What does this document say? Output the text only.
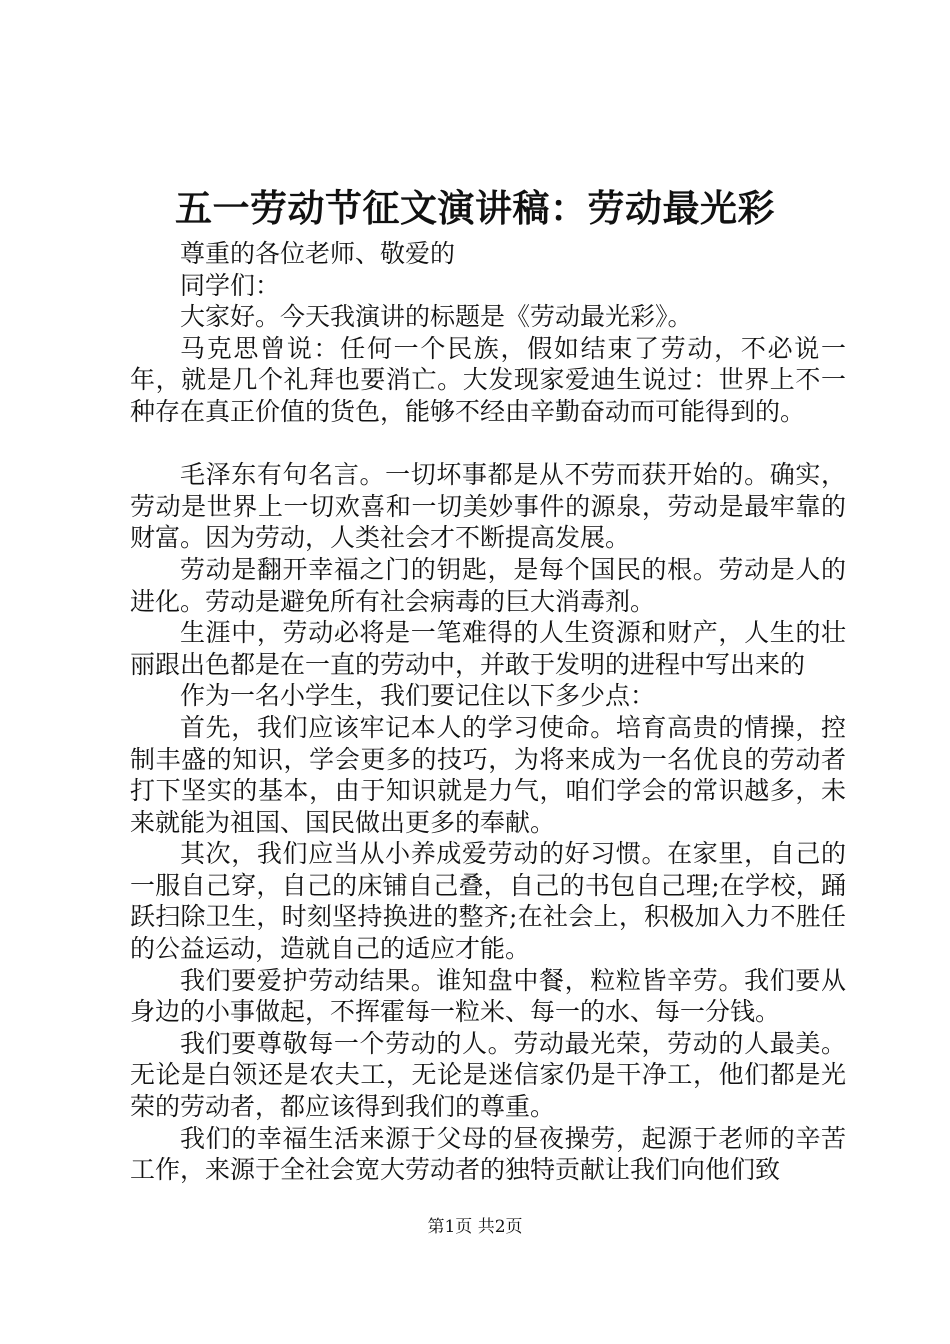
五一劳动节征文演讲稿：劳动最光彩

尊重的各位老师、敬爱的

同学们：

大家好。今天我演讲的标题是《劳动最光彩》。

马克思曾说：任何一个民族，假如结束了劳动，不必说一年，就是几个礼拜也要消亡。大发现家爱迪生说过：世界上不一种存在真正价值的货色，能够不经由辛勤奋动而可能得到的。

毛泽东有句名言。一切坏事都是从不劳而获开始的。确实，劳动是世界上一切欢喜和一切美妙事件的源泉，劳动是最牢靠的财富。因为劳动，人类社会才不断提高发展。

劳动是翻开幸福之门的钥匙，是每个国民的根。劳动是人的进化。劳动是避免所有社会病毒的巨大消毒剂。

生涯中，劳动必将是一笔难得的人生资源和财产，人生的壮丽跟出色都是在一直的劳动中，并敢于发明的进程中写出来的

作为一名小学生，我们要记住以下多少点：

首先，我们应该牢记本人的学习使命。培育高贵的情操，控制丰盛的知识，学会更多的技巧，为将来成为一名优良的劳动者打下坚实的基本，由于知识就是力气，咱们学会的常识越多，未来就能为祖国、国民做出更多的奉献。

其次，我们应当从小养成爱劳动的好习惯。在家里，自己的一服自己穿，自己的床铺自己叠，自己的书包自己理;在学校，踊跃扫除卫生，时刻坚持换进的整齐;在社会上，积极加入力不胜任的公益运动，造就自己的适应才能。

我们要爱护劳动结果。谁知盘中餐，粒粒皆辛劳。我们要从身边的小事做起，不挥霍每一粒米、每一的水、每一分钱。

我们要尊敬每一个劳动的人。劳动最光荣，劳动的人最美。无论是白领还是农夫工，无论是迷信家仍是干净工，他们都是光荣的劳动者，都应该得到我们的尊重。

我们的幸福生活来源于父母的昼夜操劳，起源于老师的辛苦工作，来源于全社会宽大劳动者的独特贡献让我们向他们致

第1页 共2页
